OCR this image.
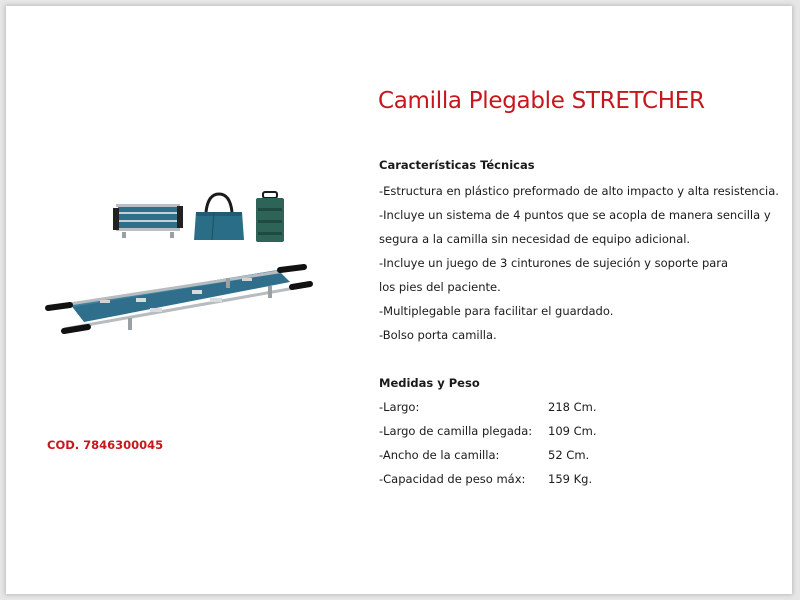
Camilla Plegable STRETCHER
COD. 7846300045
Características Técnicas
-Estructura en plástico preformado de alto impacto y alta resistencia.
-Incluye un sistema de 4 puntos que se acopla de manera sencilla y
segura a la camilla sin necesidad de equipo adicional.
-Incluye un juego de 3 cinturones de sujeción y soporte para
los pies del paciente.
-Multiplegable para facilitar el guardado.
-Bolso porta camilla.
Medidas y Peso
-Largo:	218 Cm.
-Largo de camilla plegada: 109 Cm.
-Ancho de la camilla:	52 Cm.
-Capacidad de peso máx: 159 Kg.
